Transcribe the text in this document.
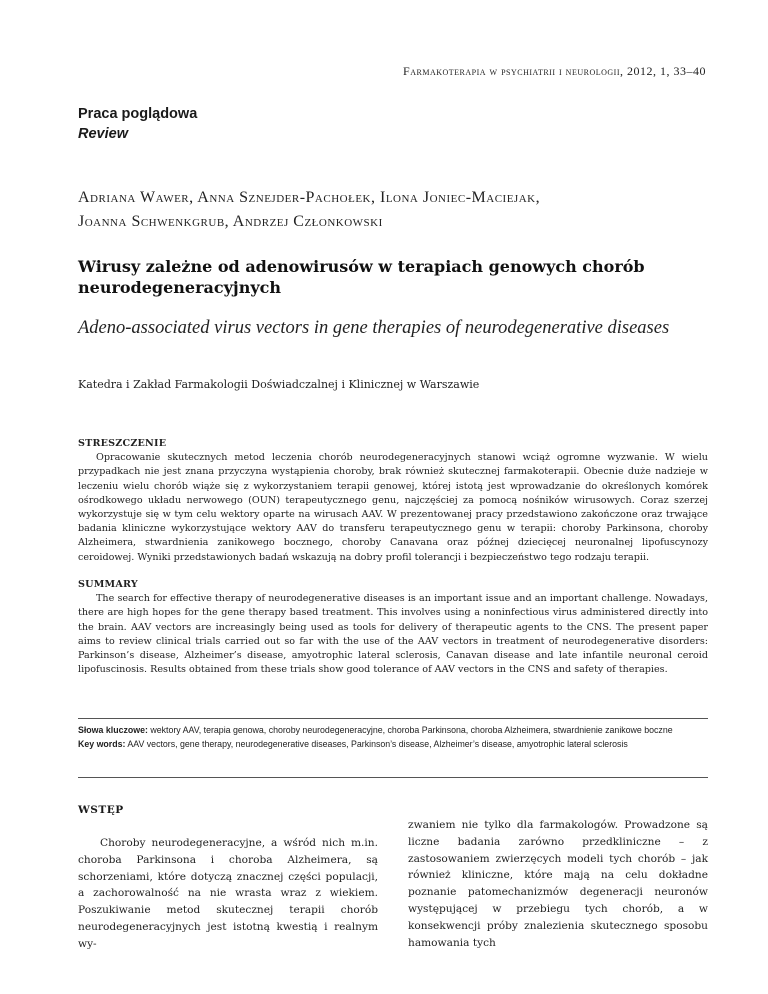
Farmakoterapia w psychiatrii i neurologii, 2012, 1, 33–40
Praca poglądowa
Review
Adriana Wawer, Anna Sznejder-Pachołek, Ilona Joniec-Maciejak,
Joanna Schwenkgrub, Andrzej Członkowski
Wirusy zależne od adenowirusów w terapiach genowych chorób neurodegeneracyjnych
Adeno-associated virus vectors in gene therapies of neurodegenerative diseases
Katedra i Zakład Farmakologii Doświadczalnej i Klinicznej w Warszawie
STRESZCZENIE
Opracowanie skutecznych metod leczenia chorób neurodegeneracyjnych stanowi wciąż ogromne wyzwanie. W wielu przypadkach nie jest znana przyczyna wystąpienia choroby, brak również skutecznej farmakoterapii. Obecnie duże nadzieje w leczeniu wielu chorób wiąże się z wykorzystaniem terapii genowej, której istotą jest wprowadzanie do określonych komórek ośrodkowego układu nerwowego (OUN) terapeutycznego genu, najczęściej za pomocą nośników wirusowych. Coraz szerzej wykorzystuje się w tym celu wektory oparte na wirusach AAV. W prezentowanej pracy przedstawiono zakończone oraz trwające badania kliniczne wykorzystujące wektory AAV do transferu terapeutycznego genu w terapii: choroby Parkinsona, choroby Alzheimera, stwardnienia zanikowego bocznego, choroby Canavana oraz późnej dziecięcej neuronalnej lipofuscynozy ceroidowej. Wyniki przedstawionych badań wskazują na dobry profil tolerancji i bezpieczeństwo tego rodzaju terapii.
SUMMARY
The search for effective therapy of neurodegenerative diseases is an important issue and an important challenge. Nowadays, there are high hopes for the gene therapy based treatment. This involves using a noninfectious virus administered directly into the brain. AAV vectors are increasingly being used as tools for delivery of therapeutic agents to the CNS. The present paper aims to review clinical trials carried out so far with the use of the AAV vectors in treatment of neurodegenerative disorders: Parkinson’s disease, Alzheimer’s disease, amyotrophic lateral sclerosis, Canavan disease and late infantile neuronal ceroid lipofuscinosis. Results obtained from these trials show good tolerance of AAV vectors in the CNS and safety of therapies.

Słowa kluczowe: wektory AAV, terapia genowa, choroby neurodegeneracyjne, choroba Parkinsona, choroba Alzheimera, stwardnienie zanikowe boczne

Key words: AAV vectors, gene therapy, neurodegenerative diseases, Parkinson’s disease, Alzheimer’s disease, amyotrophic lateral sclerosis

WSTĘP
Choroby neurodegeneracyjne, a wśród nich m.in. choroba Parkinsona i choroba Alzheimera, są schorzeniami, które dotyczą znacznej części populacji, a zachorowalność na nie wrasta wraz z wiekiem. Poszukiwanie metod skutecznej terapii chorób neurodegeneracyjnych jest istotną kwestią i realnym wy-
zwaniem nie tylko dla farmakologów. Prowadzone są liczne badania zarówno przedkliniczne – z zastosowaniem zwierzęcych modeli tych chorób – jak również kliniczne, które mają na celu dokładne poznanie patomechanizmów degeneracji neuronów występującej w przebiegu tych chorób, a w konsekwencji próby znalezienia skutecznego sposobu hamowania tych
